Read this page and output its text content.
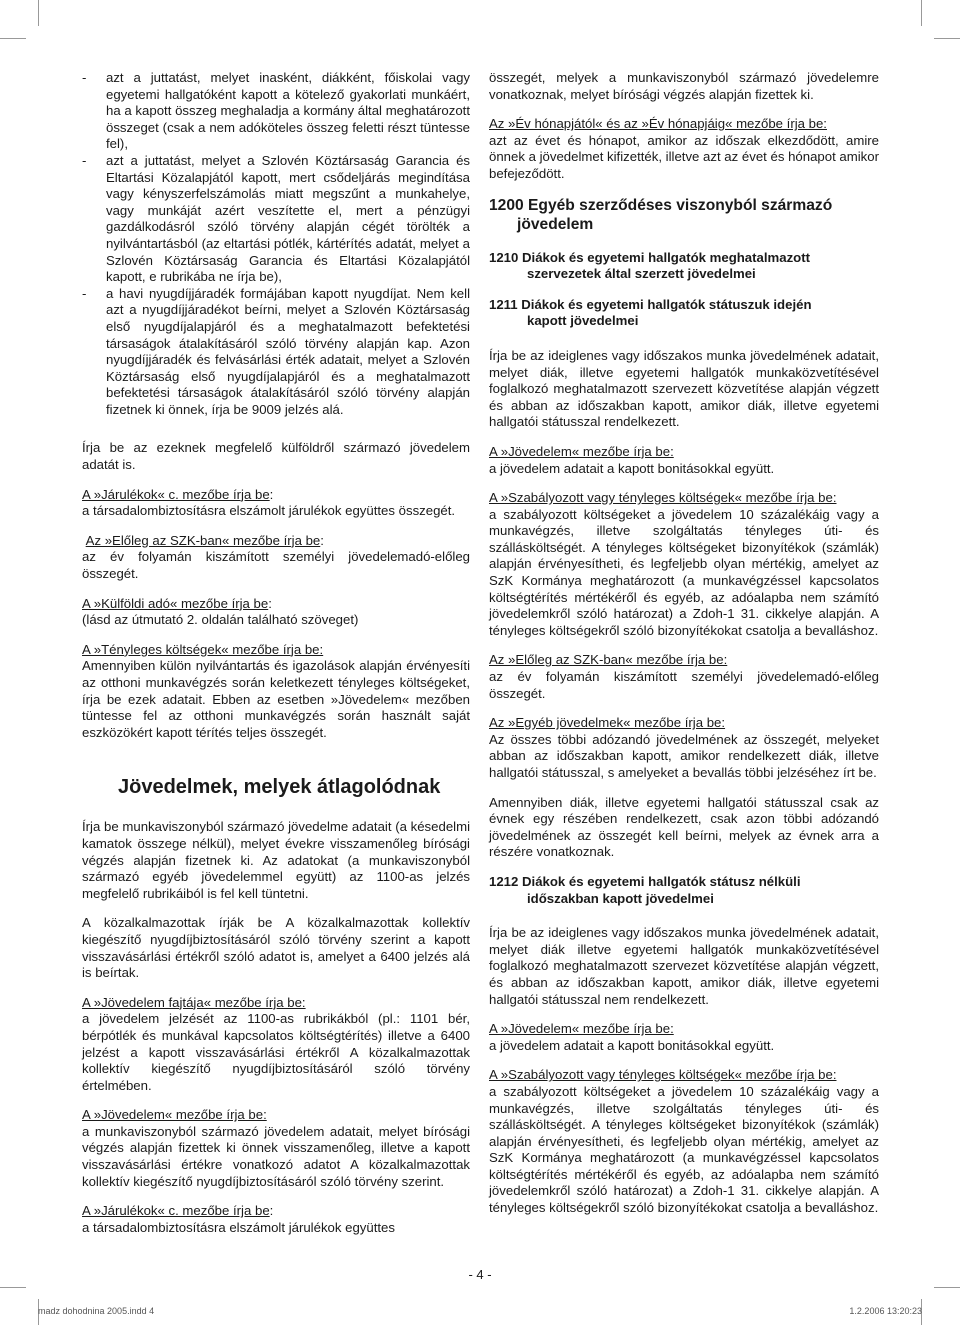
-	azt a juttatást, melyet inasként, diákként, főiskolai vagy egyetemi hallgatóként kapott a kötelező gyakorlati munkáért, ha a kapott összeg meghaladja a kormány által meghatározott összeget (csak a nem adóköteles összeg feletti részt tüntesse fel),
-	azt a juttatást, melyet a Szlovén Köztársaság Garancia és Eltartási Közalapjától kapott, mert csődeljárás megindítása vagy kényszerfelszámolás miatt megszűnt a munkahelye, vagy munkáját azért veszítette el, mert a pénzügyi gazdálkodásról szóló törvény alapján cégét törölték a nyilvántartásból (az eltartási pótlék, kártérítés adatát, melyet a Szlovén Köztársaság Garancia és Eltartási Közalapjától kapott, e rubrikába ne írja be),
-	a havi nyugdíjjáradék formájában kapott nyugdíjat. Nem kell azt a nyugdíjjáradékot beírni, melyet a Szlovén Köztársaság első nyugdíjalapjáról és a meghatalmazott befektetési társaságok átalakításáról szóló törvény alapján kap. Azon nyugdíjjáradék és felvásárlási érték adatait, melyet a Szlovén Köztársaság első nyugdíjalapjáról és a meghatalmazott befektetési társaságok átalakításáról szóló törvény alapján fizetnek ki önnek, írja be 9009 jelzés alá.

Írja be az ezeknek megfelelő külföldről származó jövedelem adatát is.

A »Járulékok« c. mezőbe írja be:

a társadalombiztosításra elszámolt járulékok együttes összegét.

Az »Előleg az SZK-ban« mezőbe írja be:

az év folyamán kiszámított személyi jövedelemadó-előleg összegét.

A »Külföldi adó« mezőbe írja be:

(lásd az útmutató 2. oldalán található szöveget)

A »Tényleges költségek« mezőbe írja be:

Amennyiben külön nyilvántartás és igazolások alapján érvényesíti az otthoni munkavégzés során keletkezett tényleges költségeket, írja be ezek adatait. Ebben az esetben »Jövedelem« mezőben tüntesse fel az otthoni munkavégzés során használt saját eszközökért kapott térítés teljes összegét.

Jövedelmek, melyek átlagolódnak

Írja be munkaviszonyból származó jövedelme adatait (a késedelmi kamatok összege nélkül), melyet évekre visszamenőleg bírósági végzés alapján fizetnek ki. Az adatokat (a munkaviszonyból származó egyéb jövedelemmel együtt) az 1100-as jelzés megfelelő rubrikáiból is fel kell tüntetni.

A közalkalmazottak írják be A közalkalmazottak kollektív kiegészítő nyugdíjbiztosításáról szóló törvény szerint a kapott visszavásárlási értékről szóló adatot is, amelyet a 6400 jelzés alá is beírtak.

A »Jövedelem fajtája« mezőbe írja be:

a jövedelem jelzését az 1100-as rubrikákból (pl.: 1101 bér, bérpótlék és munkával kapcsolatos költségtérítés) illetve a 6400 jelzést a kapott visszavásárlási értékről A közalkalmazottak kollektív kiegészítő nyugdíjbiztosításáról szóló törvény értelmében.

A »Jövedelem« mezőbe írja be:

a munkaviszonyból származó jövedelem adatait, melyet bírósági végzés alapján fizettek ki önnek visszamenőleg, illetve a kapott visszavásárlási értékre vonatkozó adatot A közalkalmazottak kollektív kiegészítő nyugdíjbiztosításáról szóló törvény szerint.

A »Járulékok« c. mezőbe írja be:

a társadalombiztosításra elszámolt járulékok együttes

összegét, melyek a munkaviszonyból származó jövedelemre vonatkoznak, melyet bírósági végzés alapján fizettek ki.

Az »Év hónapjától« és az »Év hónapjáig« mezőbe írja be:

azt az évet és hónapot, amikor az időszak elkezdődött, amire önnek a jövedelmet kifizették, illetve azt az évet és hónapot amikor befejeződött.

1200 Egyéb szerződéses viszonyból származó
jövedelem
1210 Diákok és egyetemi hallgatók meghatalmazott
szervezetek által szerzett jövedelmei
1211 Diákok és egyetemi hallgatók státuszuk idején
kapott jövedelmei

Írja be az ideiglenes vagy időszakos munka jövedelmének adatait, melyet diák, illetve egyetemi hallgatók munkaközvetítésével foglalkozó meghatalmazott szervezett közvetítése alapján végzett és abban az időszakban kapott, amikor diák, illetve egyetemi hallgatói státusszal rendelkezett.

A »Jövedelem« mezőbe írja be:

a jövedelem adatait a kapott bonitásokkal együtt.

A »Szabályozott vagy tényleges költségek« mezőbe írja be:

a szabályozott költségeket a jövedelem 10 százalékáig vagy a munkavégzés, illetve szolgáltatás tényleges úti- és szállásköltségét. A tényleges költségeket bizonyítékok (számlák) alapján érvényesítheti, és legfeljebb olyan mértékig, amelyet az SzK Kormánya meghatározott (a munkavégzéssel kapcsolatos költségtérítés mértékéről és egyéb, az adóalapba nem számító jövedelemkről szóló határozat) a Zdoh-1 31. cikkelye alapján. A tényleges költségekről szóló bizonyítékokat csatolja a bevalláshoz.

Az »Előleg az SZK-ban« mezőbe írja be:

az év folyamán kiszámított személyi jövedelemadó-előleg összegét.

Az »Egyéb jövedelmek« mezőbe írja be:

Az összes többi adózandó jövedelmének az összegét, melyeket abban az időszakban kapott, amikor rendelkezett diák, illetve hallgatói státusszal, s amelyeket a bevallás többi jelzéséhez írt be.

Amennyiben diák, illetve egyetemi hallgatói státusszal csak az évnek egy részében rendelkezett, csak azon többi adózandó jövedelmének az összegét kell beírni, melyek az évnek arra a részére vonatkoznak.

1212 Diákok és egyetemi hallgatók státusz nélküli
időszakban kapott jövedelmei

Írja be az ideiglenes vagy időszakos munka jövedelmének adatait, melyet diák illetve egyetemi hallgatók munkaközvetítésével foglalkozó meghatalmazott szervezet közvetítése alapján végzett, és abban az időszakban kapott, amikor diák, illetve egyetemi hallgatói státusszal nem rendelkezett.

A »Jövedelem« mezőbe írja be:

a jövedelem adatait a kapott bonitásokkal együtt.

A »Szabályozott vagy tényleges költségek« mezőbe írja be:

a szabályozott költségeket a jövedelem 10 százalékáig vagy a munkavégzés, illetve szolgáltatás tényleges úti- és szállásköltségét. A tényleges költségeket bizonyítékok (számlák) alapján érvényesítheti, és legfeljebb olyan mértékig, amelyet az SzK Kormánya meghatározott (a munkavégzéssel kapcsolatos költségtérítés mértékéről és egyéb, az adóalapba nem számító jövedelemkről szóló határozat) a Zdoh-1 31. cikkelye alapján. A tényleges költségekről szóló bizonyítékokat csatolja a bevalláshoz.

- 4 -
madz dohodnina 2005.indd 4	1.2.2006 13:20:23
